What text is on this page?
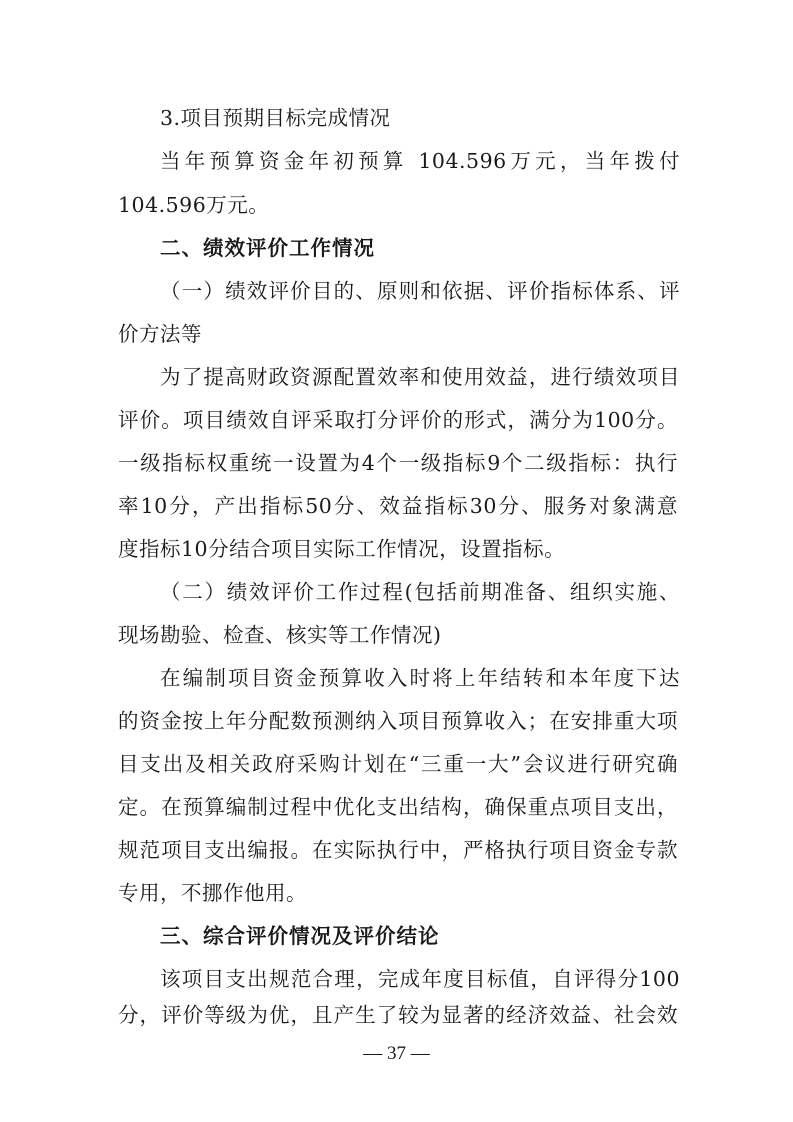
3.项目预期目标完成情况
当年预算资金年初预算 104.596万元，当年拨付
104.596万元。
二、绩效评价工作情况
（一）绩效评价目的、原则和依据、评价指标体系、评
价方法等
为了提高财政资源配置效率和使用效益，进行绩效项目
评价。项目绩效自评采取打分评价的形式，满分为100分。
一级指标权重统一设置为4个一级指标9个二级指标：执行
率10分，产出指标50分、效益指标30分、服务对象满意
度指标10分结合项目实际工作情况，设置指标。
（二）绩效评价工作过程(包括前期准备、组织实施、
现场勘验、检查、核实等工作情况)
在编制项目资金预算收入时将上年结转和本年度下达
的资金按上年分配数预测纳入项目预算收入；在安排重大项
目支出及相关政府采购计划在“三重一大”会议进行研究确
定。在预算编制过程中优化支出结构，确保重点项目支出，
规范项目支出编报。在实际执行中，严格执行项目资金专款
专用，不挪作他用。
三、综合评价情况及评价结论
该项目支出规范合理，完成年度目标值，自评得分100
分，评价等级为优，且产生了较为显著的经济效益、社会效
— 37 —
